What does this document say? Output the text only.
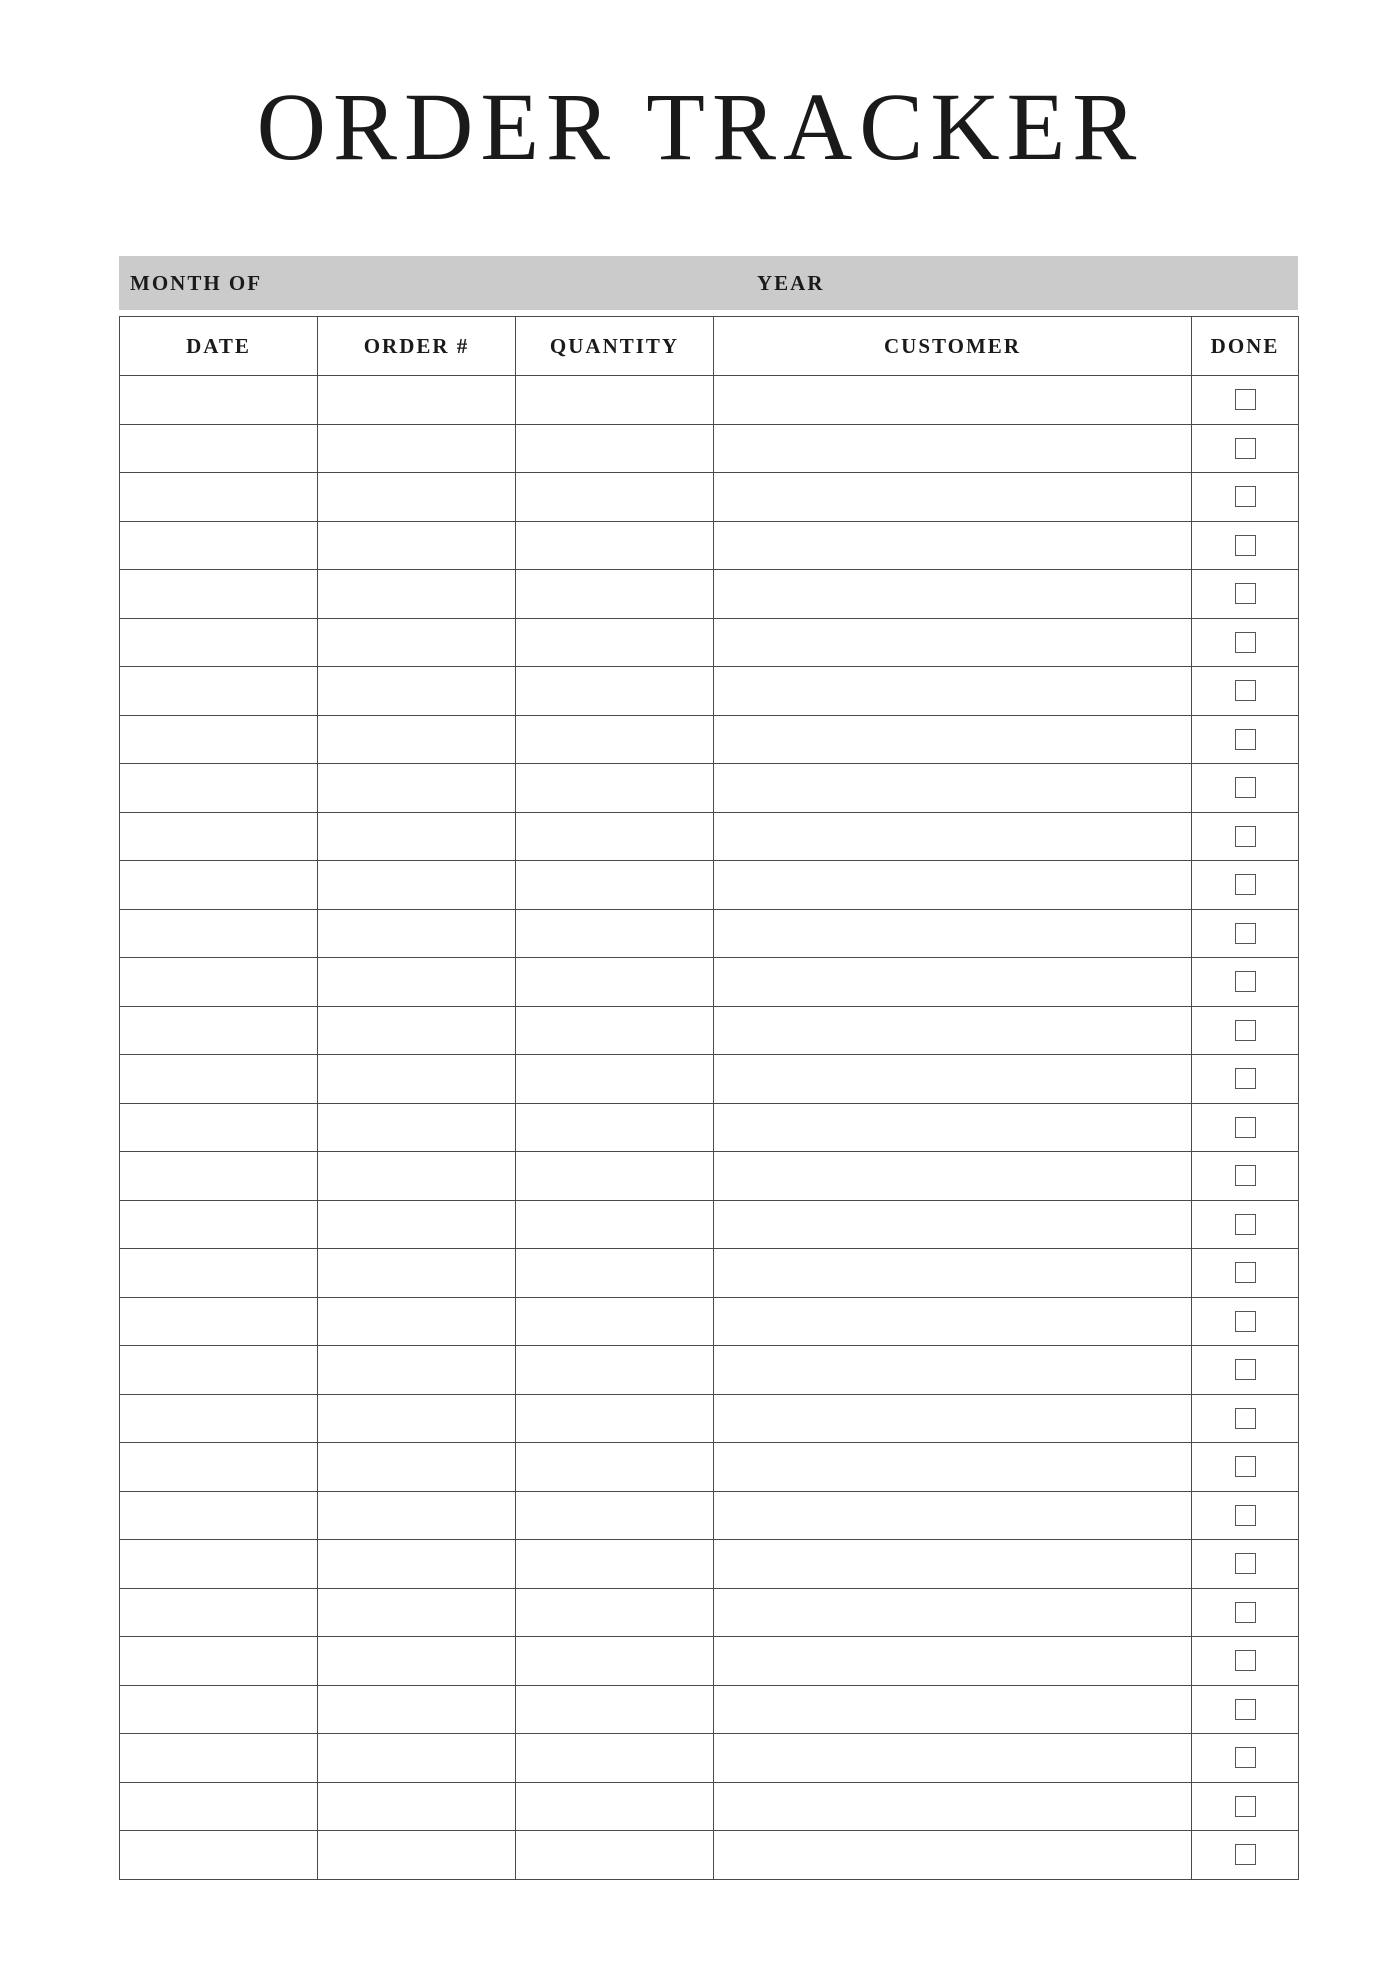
ORDER TRACKER
MONTH OF	YEAR
DATE	ORDER #	QUANTITY	CUSTOMER	DONE
